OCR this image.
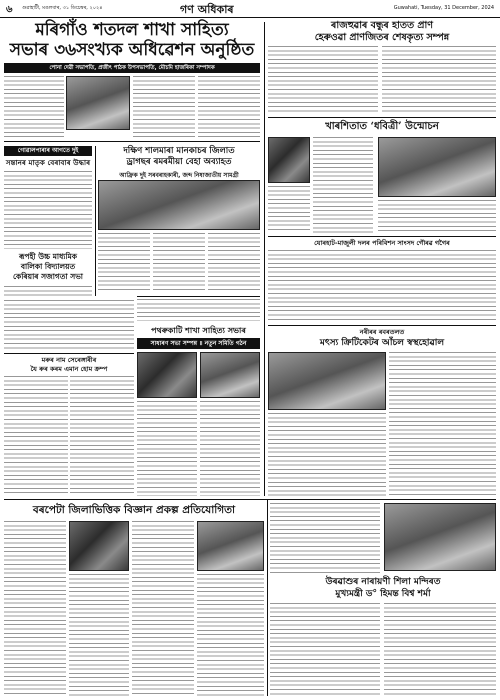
৬ গুৱাহাটী, মঙলবাৰ, ৩১ ডিচেম্বৰ, ২০২৪	গণ অধিকাৰ	Guwahati, Tuesday, 31 December, 2024
মৰিগাঁও শতদল শাখা সাহিত্য
সভাৰ ৩৬সংখ্যক অধিৱেশন অনুষ্ঠিত
পোনা দেৱী সভাপতি, প্ৰজীৎ পাঠক উপসভাপতি, মৌচমি হাজৰিকা সম্পাদক
ৰাজহুৱাৰ বন্ধুৰ হাতত প্ৰাণ
হেৰুওৱা প্ৰাণজিতৰ শেষকৃত্য সম্পন্ন
খাৰশিতাত ‘ধবিত্ৰী’ উন্মোচন
গোৱালপাৰাৰ আগতে দুই
সন্তানৰ মাতৃক বেৰাবাৰ উদ্ধাৰ
দক্ষিণ শালমাৰা মানকাচৰ জিলাত
ড্ৰাগছৰ ৰমৰমীয়া বেহা অব্যাহত
আফ্ৰিক দুই সৰবৰাহকাৰী, জব্দ নিষাজাতীয় সামগ্ৰী
ৰূপহী উচ্চ মাধ্যমিক
বালিকা বিদ্যালয়ত
কেৰিয়াৰ সজাগতা সভা
পথৰুকাটি শাখা সাহিত্য সভাৰ
সাধাৰণ সভা সম্পন্ন ॥ নতুন সমিতি গঠন
মৰুৰ নাম সেৰেঙ্গাৰীৰ
যৈ ৰুৰ কৰম এমান হোম ক্ৰম্প
যোৰহাট-মাজুলী দলৰ পৰিবিশন সাংসদ গৌৰৱ গগৈৰ
নৰীৰৰ ৰবৰতলত
মৎস্য ক্ৰিটিকেটৰ আঁচল স্বস্থহোৱাল
বৰপেটা জিলাভিত্তিক বিজ্ঞান প্ৰকল্প প্ৰতিযোগিতা
উৰৱাশুৰ নাৰায়ণী শিলা মন্দিৰত
মুখ্যমন্ত্ৰী ড° হিমন্ত বিশ্ব শৰ্মা
